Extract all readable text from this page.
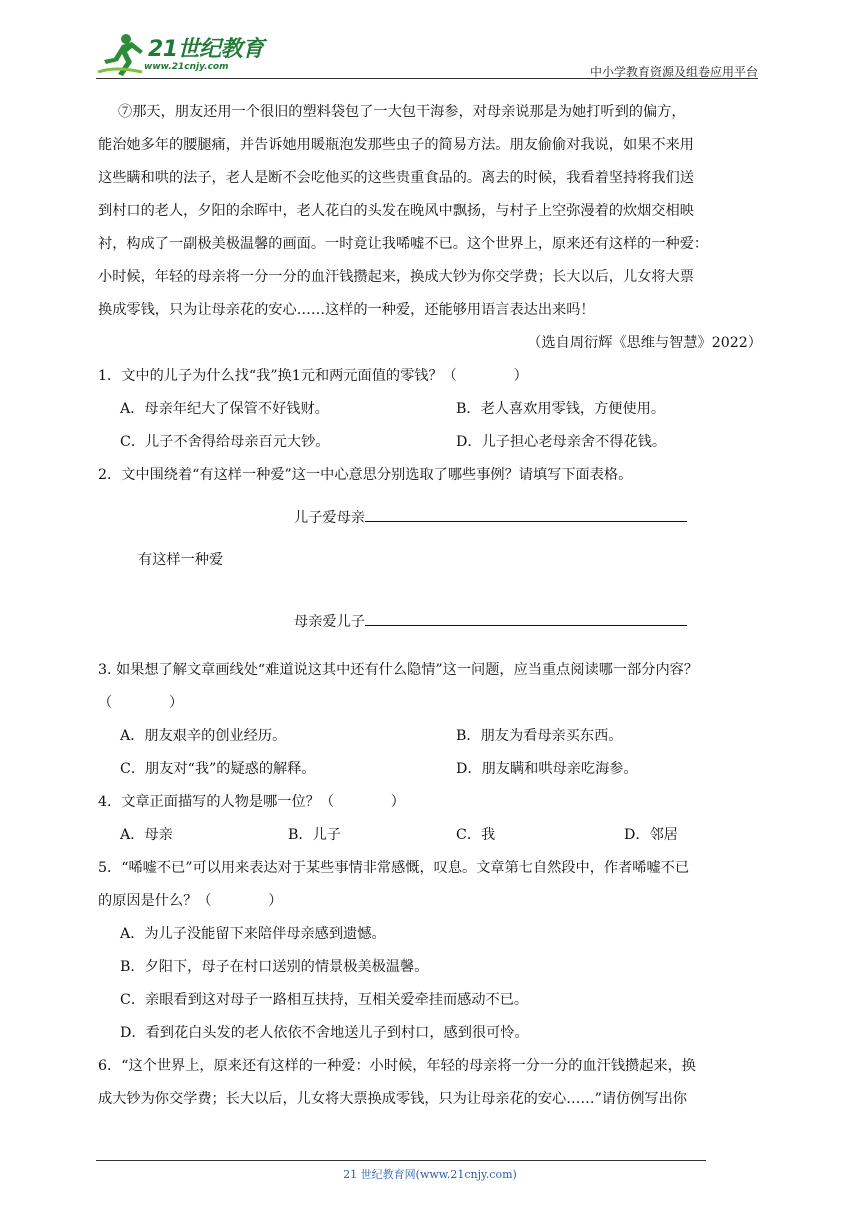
21世纪教育
www.21cnjy.com	中小学教育资源及组卷应用平台

⑦那天，朋友还用一个很旧的塑料袋包了一大包干海参，对母亲说那是为她打听到的偏方，

能治她多年的腰腿痛，并告诉她用暖瓶泡发那些虫子的简易方法。朋友偷偷对我说，如果不来用

这些瞒和哄的法子，老人是断不会吃他买的这些贵重食品的。离去的时候，我看着坚持将我们送

到村口的老人，夕阳的余晖中，老人花白的头发在晚风中飘扬，与村子上空弥漫着的炊烟交相映

衬，构成了一副极美极温馨的画面。一时竟让我唏嘘不已。这个世界上，原来还有这样的一种爱：

小时候，年轻的母亲将一分一分的血汗钱攒起来，换成大钞为你交学费；长大以后，儿女将大票

换成零钱，只为让母亲花的安心……这样的一种爱，还能够用语言表达出来吗！

（选自周衍辉《思维与智慧》2022）

1．文中的儿子为什么找“我”换1元和两元面值的零钱？（　　　　）

A．母亲年纪大了保管不好钱财。	B．老人喜欢用零钱，方便使用。
C．儿子不舍得给母亲百元大钞。	D．儿子担心老母亲舍不得花钱。

2．文中围绕着“有这样一种爱”这一中心意思分别选取了哪些事例？请填写下面表格。

儿子爱母亲
有这样一种爱
母亲爱儿子

3. 如果想了解文章画线处“难道说这其中还有什么隐情”这一问题，应当重点阅读哪一部分内容？

（　　　　）

A．朋友艰辛的创业经历。	B．朋友为看母亲买东西。
C．朋友对“我”的疑惑的解释。	D．朋友瞒和哄母亲吃海参。

4．文章正面描写的人物是哪一位？（　　　　）

A．母亲	B．儿子	C．我	D．邻居

5．“唏嘘不已”可以用来表达对于某些事情非常感慨，叹息。文章第七自然段中，作者唏嘘不已

的原因是什么？（　　　　）

A．为儿子没能留下来陪伴母亲感到遗憾。

B．夕阳下，母子在村口送别的情景极美极温馨。

C．亲眼看到这对母子一路相互扶持，互相关爱牵挂而感动不已。

D．看到花白头发的老人依依不舍地送儿子到村口，感到很可怜。

6．“这个世界上，原来还有这样的一种爱：小时候，年轻的母亲将一分一分的血汗钱攒起来，换

成大钞为你交学费；长大以后，儿女将大票换成零钱，只为让母亲花的安心……”请仿例写出你

21 世纪教育网(www.21cnjy.com)
